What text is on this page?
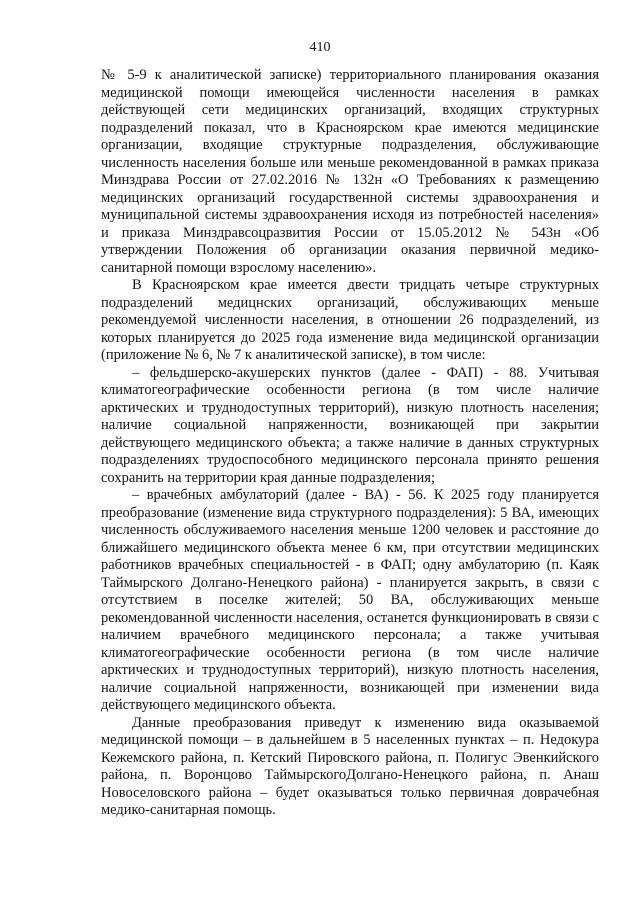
410

№ 5-9 к аналитической записке) территориального планирования оказания медицинской помощи имеющейся численности населения в рамках действующей сети медицинских организаций, входящих структурных подразделений показал, что в Красноярском крае имеются медицинские организации, входящие структурные подразделения, обслуживающие численность населения больше или меньше рекомендованной в рамках приказа Минздрава России от 27.02.2016 № 132н «О Требованиях к размещению медицинских организаций государственной системы здравоохранения и муниципальной системы здравоохранения исходя из потребностей населения» и приказа Минздравсоцразвития России от 15.05.2012 № 543н «Об утверждении Положения об организации оказания первичной медико-санитарной помощи взрослому населению».

В Красноярском крае имеется двести тридцать четыре структурных подразделений медицнских организаций, обслуживающих меньше рекомендуемой численности населения, в отношении 26 подразделений, из которых планируется до 2025 года изменение вида медицинской организации (приложение № 6, № 7 к аналитической записке), в том числе:

– фельдшерско-акушерских пунктов (далее - ФАП) - 88. Учитывая климатогеографические особенности региона (в том числе наличие арктических и труднодоступных территорий), низкую плотность населения; наличие социальной напряженности, возникающей при закрытии действующего медицинского объекта; а также наличие в данных структурных подразделениях трудоспособного медицинского персонала принято решения сохранить на территории края данные подразделения;

– врачебных амбулаторий (далее - ВА) - 56. К 2025 году планируется преобразование (изменение вида структурного подразделения): 5 ВА, имеющих численность обслуживаемого населения меньше 1200 человек и расстояние до ближайшего медицинского объекта менее 6 км, при отсутствии медицинских работников врачебных специальностей - в ФАП; одну амбулаторию (п. Каяк Таймырского Долгано-Ненецкого района) - планируется закрыть, в связи с отсутствием в поселке жителей; 50 ВА, обслуживающих меньше рекомендованной численности населения, останется функционировать в связи с наличием врачебного медицинского персонала; а также учитывая климатогеографические особенности региона (в том числе наличие арктических и труднодоступных территорий), низкую плотность населения, наличие социальной напряженности, возникающей при изменении вида действующего медицинского объекта.

Данные преобразования приведут к изменению вида оказываемой медицинской помощи – в дальнейшем в 5 населенных пунктах – п. Недокура Кежемского района, п. Кетский Пировского района, п. Полигус Эвенкийского района, п. Воронцово ТаймырскогоДолгано-Ненецкого района, п. Анаш Новоселовского района – будет оказываться только первичная доврачебная медико-санитарная помощь.
